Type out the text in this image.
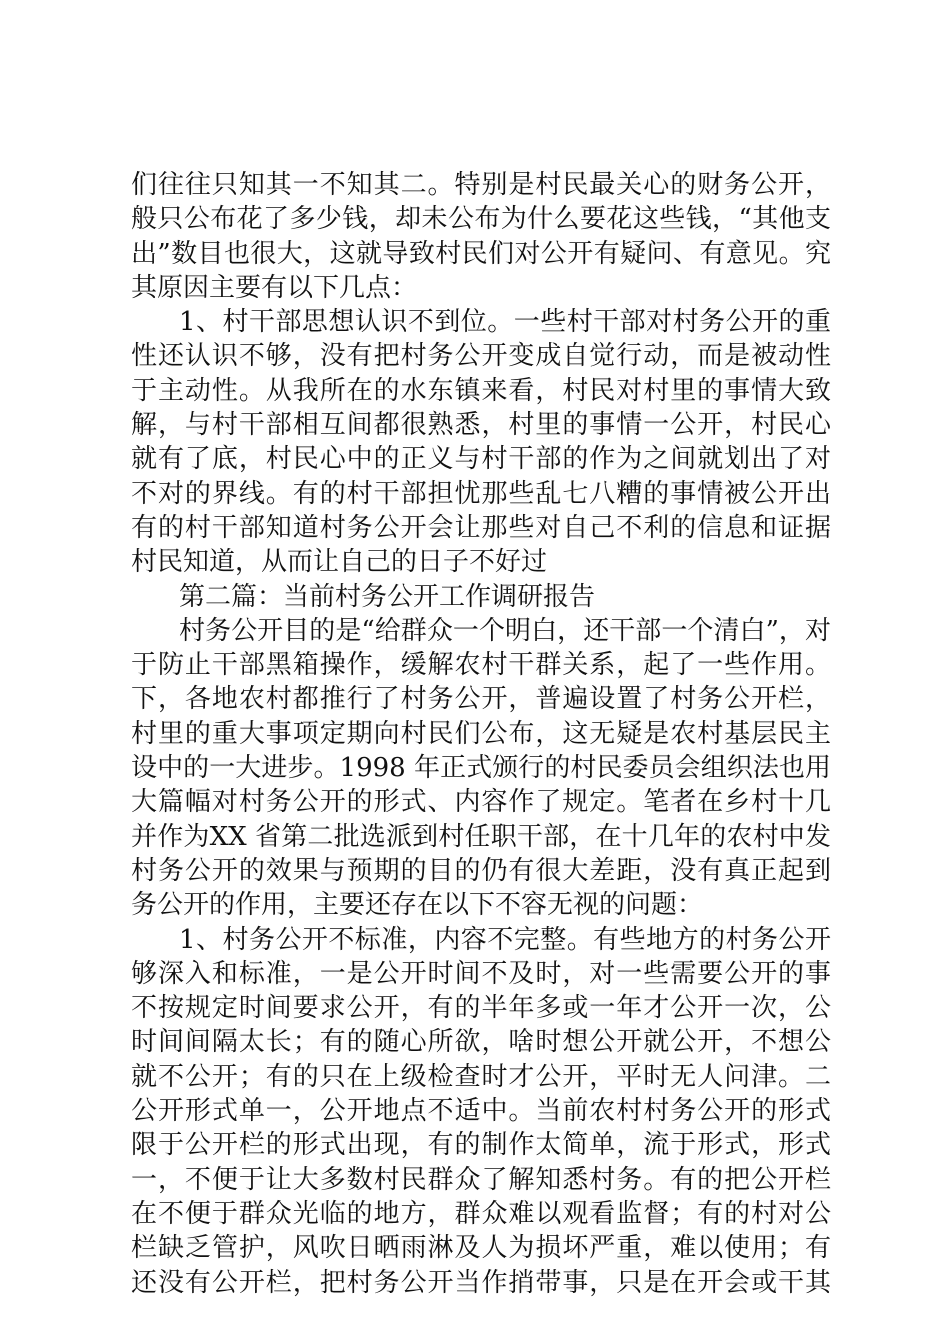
们往往只知其一不知其二。特别是村民最关心的财务公开，
般只公布花了多少钱，却未公布为什么要花这些钱，“其他支
出”数目也很大，这就导致村民们对公开有疑问、有意见。究
其原因主要有以下几点：
1、村干部思想认识不到位。一些村干部对村务公开的重
性还认识不够，没有把村务公开变成自觉行动，而是被动性
于主动性。从我所在的水东镇来看，村民对村里的事情大致
解，与村干部相互间都很熟悉，村里的事情一公开，村民心
就有了底，村民心中的正义与村干部的作为之间就划出了对
不对的界线。有的村干部担忧那些乱七八糟的事情被公开出
有的村干部知道村务公开会让那些对自己不利的信息和证据
村民知道，从而让自己的日子不好过
第二篇：当前村务公开工作调研报告
村务公开目的是“给群众一个明白，还干部一个清白”，对
于防止干部黑箱操作，缓解农村干群关系，起了一些作用。
下，各地农村都推行了村务公开，普遍设置了村务公开栏，
村里的重大事项定期向村民们公布，这无疑是农村基层民主
设中的一大进步。1998 年正式颁行的村民委员会组织法也用
大篇幅对村务公开的形式、内容作了规定。笔者在乡村十几
并作为XX 省第二批选派到村任职干部，在十几年的农村中发
村务公开的效果与预期的目的仍有很大差距，没有真正起到
务公开的作用，主要还存在以下不容无视的问题：
1、村务公开不标准，内容不完整。有些地方的村务公开
够深入和标准，一是公开时间不及时，对一些需要公开的事
不按规定时间要求公开，有的半年多或一年才公开一次，公
时间间隔太长；有的随心所欲，啥时想公开就公开，不想公
就不公开；有的只在上级检查时才公开，平时无人问津。二
公开形式单一，公开地点不适中。当前农村村务公开的形式
限于公开栏的形式出现，有的制作太简单，流于形式，形式
一，不便于让大多数村民群众了解知悉村务。有的把公开栏
在不便于群众光临的地方，群众难以观看监督；有的村对公
栏缺乏管护，风吹日晒雨淋及人为损坏严重，难以使用；有
还没有公开栏，把村务公开当作捎带事，只是在开会或干其
